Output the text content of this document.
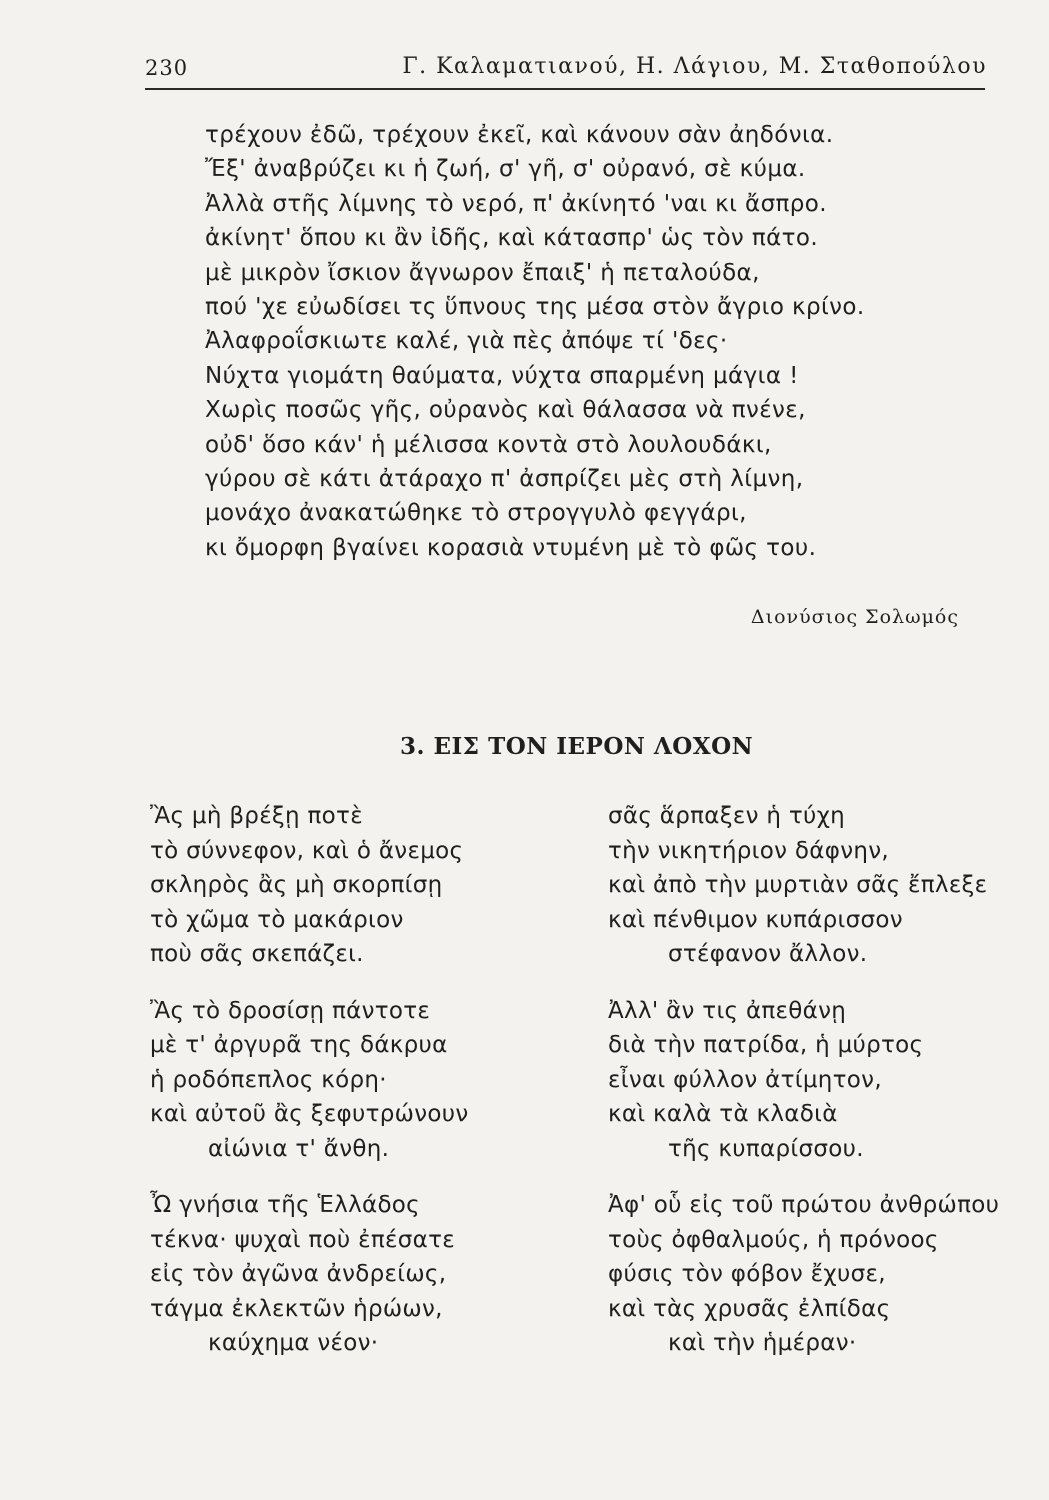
230	Γ. Καλαματιανού, Η. Λάγιου, Μ. Σταθοπούλου
τρέχουν ἐδῶ, τρέχουν ἐκεῖ, καὶ κάνουν σὰν ἀηδόνια.
Ἔξ' ἀναβρύζει κι ἡ ζωή, σ' γῆ, σ' οὐρανό, σὲ κύμα.
Ἀλλὰ στῆς λίμνης τὸ νερό, π' ἀκίνητό 'ναι κι ἄσπρο.
ἀκίνητ' ὅπου κι ἂν ἰδῆς, καὶ κάτασπρ' ὡς τὸν πάτο.
μὲ μικρὸν ἴσκιον ἄγνωρον ἔπαιξ' ἡ πεταλούδα,
πού 'χε εὐωδίσει τς ὕπνους της μέσα στὸν ἄγριο κρίνο.
Ἀλαφροΐσκιωτε καλέ, γιὰ πὲς ἀπόψε τί 'δες·
Νύχτα γιομάτη θαύματα, νύχτα σπαρμένη μάγια !
Χωρὶς ποσῶς γῆς, οὐρανὸς καὶ θάλασσα νὰ πνένε,
οὐδ' ὅσο κάν' ἡ μέλισσα κοντὰ στὸ λουλουδάκι,
γύρου σὲ κάτι ἀτάραχο π' ἀσπρίζει μὲς στὴ λίμνη,
μονάχο ἀνακατώθηκε τὸ στρογγυλὸ φεγγάρι,
κι ὄμορφη βγαίνει κορασιὰ ντυμένη μὲ τὸ φῶς του.
Διονύσιος Σολωμός
3. ΕΙΣ ΤΟΝ ΙΕΡΟΝ ΛΟΧΟΝ
Ἂς μὴ βρέξῃ ποτὲ
τὸ σύννεφον, καὶ ὁ ἄνεμος
σκληρὸς ἂς μὴ σκορπίσῃ
τὸ χῶμα τὸ μακάριον
ποὺ σᾶς σκεπάζει.
Ἂς τὸ δροσίσῃ πάντοτε
μὲ τ' ἀργυρᾶ της δάκρυα
ἡ ροδόπεπλος κόρη·
καὶ αὐτοῦ ἂς ξεφυτρώνουν
αἰώνια τ' ἄνθη.
Ὦ γνήσια τῆς Ἑλλάδος
τέκνα· ψυχαὶ ποὺ ἐπέσατε
εἰς τὸν ἀγῶνα ἀνδρείως,
τάγμα ἐκλεκτῶν ἡρώων,
καύχημα νέον·
σᾶς ἅρπαξεν ἡ τύχη
τὴν νικητήριον δάφνην,
καὶ ἀπὸ τὴν μυρτιὰν σᾶς ἔπλεξε
καὶ πένθιμον κυπάρισσον
στέφανον ἄλλον.
Ἀλλ' ἂν τις ἀπεθάνῃ
διὰ τὴν πατρίδα, ἡ μύρτος
εἶναι φύλλον ἀτίμητον,
καὶ καλὰ τὰ κλαδιὰ
τῆς κυπαρίσσου.
Ἀφ' οὗ εἰς τοῦ πρώτου ἀνθρώπου
τοὺς ὀφθαλμούς, ἡ πρόνοος
φύσις τὸν φόβον ἔχυσε,
καὶ τὰς χρυσᾶς ἐλπίδας
καὶ τὴν ἡμέραν·
